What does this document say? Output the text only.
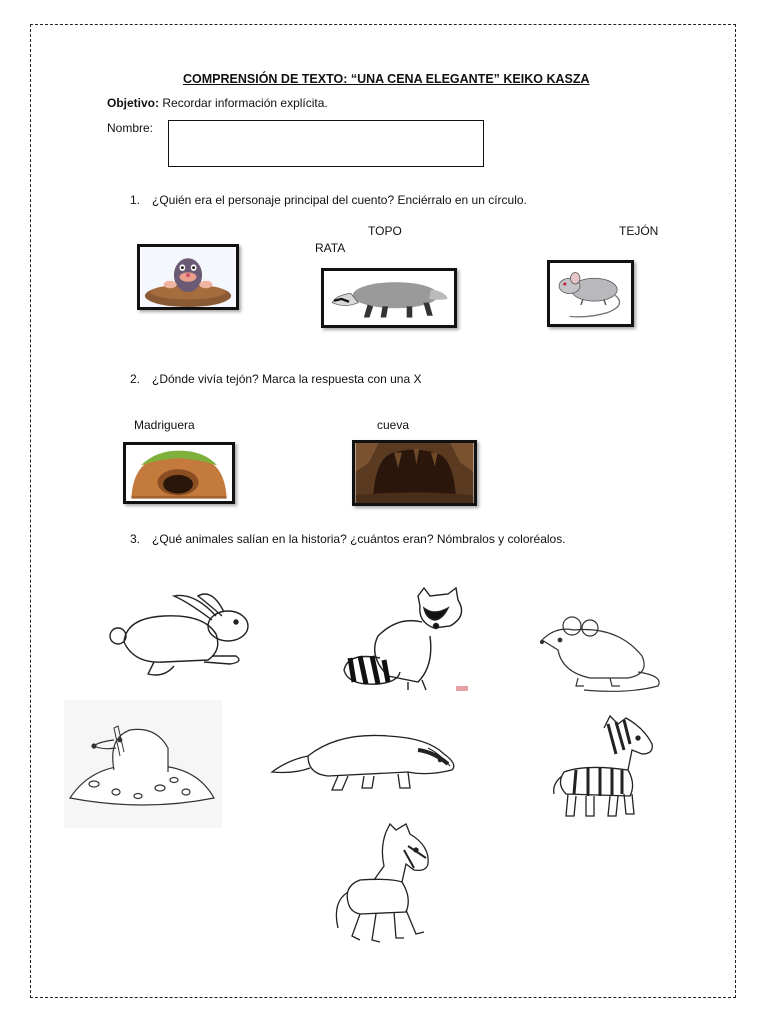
COMPRENSIÓN DE TEXTO: “UNA CENA ELEGANTE” KEIKO KASZA
Objetivo: Recordar información explícita.
Nombre:
1. ¿Quién era el personaje principal del cuento? Enciérralo en un círculo.
TOPO	TEJÓN
RATA
2. ¿Dónde vivía tejón? Marca la respuesta con una X
Madriguera	cueva
3. ¿Qué animales salían en la historia? ¿cuántos eran? Nómbralos y coloréalos.
